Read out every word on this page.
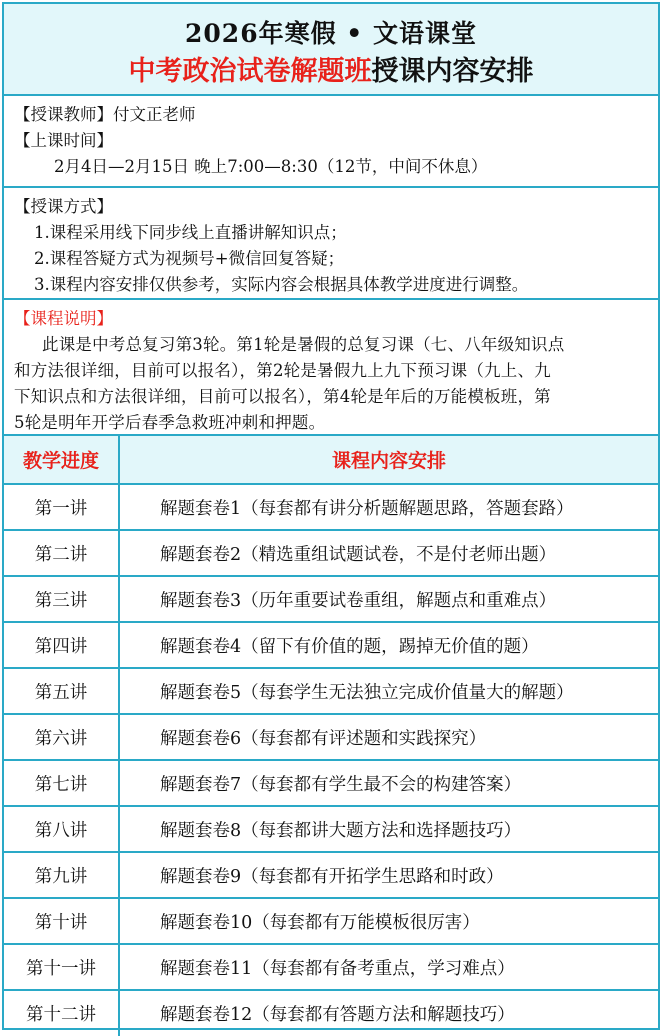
2026年寒假 • 文语课堂
中考政治试卷解题班授课内容安排
【授课教师】付文正老师
【上课时间】
2月4日—2月15日 晚上7:00—8:30（12节，中间不休息）
【授课方式】
1.课程采用线下同步线上直播讲解知识点；
2.课程答疑方式为视频号+微信回复答疑；
3.课程内容安排仅供参考，实际内容会根据具体教学进度进行调整。
【课程说明】
此课是中考总复习第3轮。第1轮是暑假的总复习课（七、八年级知识点
和方法很详细，目前可以报名），第2轮是暑假九上九下预习课（九上、九
下知识点和方法很详细，目前可以报名），第4轮是年后的万能模板班，第
5轮是明年开学后春季急救班冲刺和押题。
教学进度	课程内容安排
第一讲	解题套卷1（每套都有讲分析题解题思路，答题套路）
第二讲	解题套卷2（精选重组试题试卷，不是付老师出题）
第三讲	解题套卷3（历年重要试卷重组，解题点和重难点）
第四讲	解题套卷4（留下有价值的题，踢掉无价值的题）
第五讲	解题套卷5（每套学生无法独立完成价值量大的解题）
第六讲	解题套卷6（每套都有评述题和实践探究）
第七讲	解题套卷7（每套都有学生最不会的构建答案）
第八讲	解题套卷8（每套都讲大题方法和选择题技巧）
第九讲	解题套卷9（每套都有开拓学生思路和时政）
第十讲	解题套卷10（每套都有万能模板很厉害）
第十一讲	解题套卷11（每套都有备考重点，学习难点）
第十二讲	解题套卷12（每套都有答题方法和解题技巧）
